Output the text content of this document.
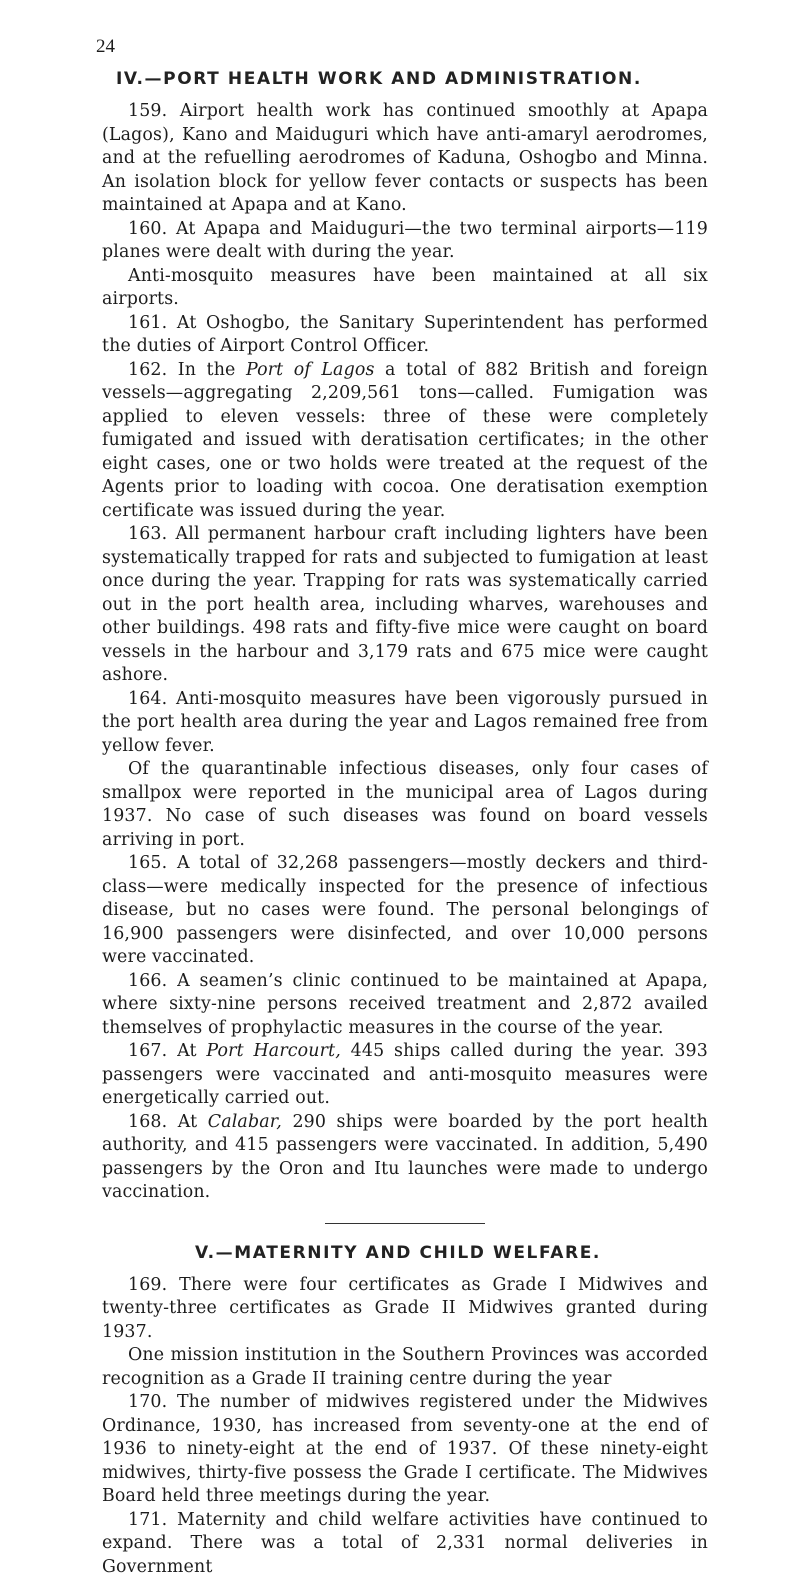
24
IV.—PORT HEALTH WORK AND ADMINISTRATION.

159. Airport health work has continued smoothly at Apapa (Lagos), Kano and Maiduguri which have anti-amaryl aerodromes, and at the refuelling aerodromes of Kaduna, Oshogbo and Minna. An isolation block for yellow fever contacts or suspects has been maintained at Apapa and at Kano.

160. At Apapa and Maiduguri—the two terminal airports—119 planes were dealt with during the year.

Anti-mosquito measures have been maintained at all six airports.

161. At Oshogbo, the Sanitary Superintendent has performed the duties of Airport Control Officer.

162. In the Port of Lagos a total of 882 British and foreign vessels—aggregating 2,209,561 tons—called. Fumigation was applied to eleven vessels: three of these were completely fumigated and issued with deratisation certificates; in the other eight cases, one or two holds were treated at the request of the Agents prior to loading with cocoa. One deratisation exemption certificate was issued during the year.

163. All permanent harbour craft including lighters have been systematically trapped for rats and subjected to fumigation at least once during the year. Trapping for rats was systematically carried out in the port health area, including wharves, warehouses and other buildings. 498 rats and fifty-five mice were caught on board vessels in the harbour and 3,179 rats and 675 mice were caught ashore.

164. Anti-mosquito measures have been vigorously pursued in the port health area during the year and Lagos remained free from yellow fever.

Of the quarantinable infectious diseases, only four cases of smallpox were reported in the municipal area of Lagos during 1937. No case of such diseases was found on board vessels arriving in port.

165. A total of 32,268 passengers—mostly deckers and third-class—were medically inspected for the presence of infectious disease, but no cases were found. The personal belongings of 16,900 passengers were disinfected, and over 10,000 persons were vaccinated.

166. A seamen’s clinic continued to be maintained at Apapa, where sixty-nine persons received treatment and 2,872 availed themselves of prophylactic measures in the course of the year.

167. At Port Harcourt, 445 ships called during the year. 393 passengers were vaccinated and anti-mosquito measures were energetically carried out.

168. At Calabar, 290 ships were boarded by the port health authority, and 415 passengers were vaccinated. In addition, 5,490 passengers by the Oron and Itu launches were made to undergo vaccination.

V.—MATERNITY AND CHILD WELFARE.

169. There were four certificates as Grade I Midwives and twenty-three certificates as Grade II Midwives granted during 1937.

One mission institution in the Southern Provinces was accorded recognition as a Grade II training centre during the year

170. The number of midwives registered under the Midwives Ordinance, 1930, has increased from seventy-one at the end of 1936 to ninety-eight at the end of 1937. Of these ninety-eight midwives, thirty-five possess the Grade I certificate. The Midwives Board held three meetings during the year.

171. Maternity and child welfare activities have continued to expand. There was a total of 2,331 normal deliveries in Government
